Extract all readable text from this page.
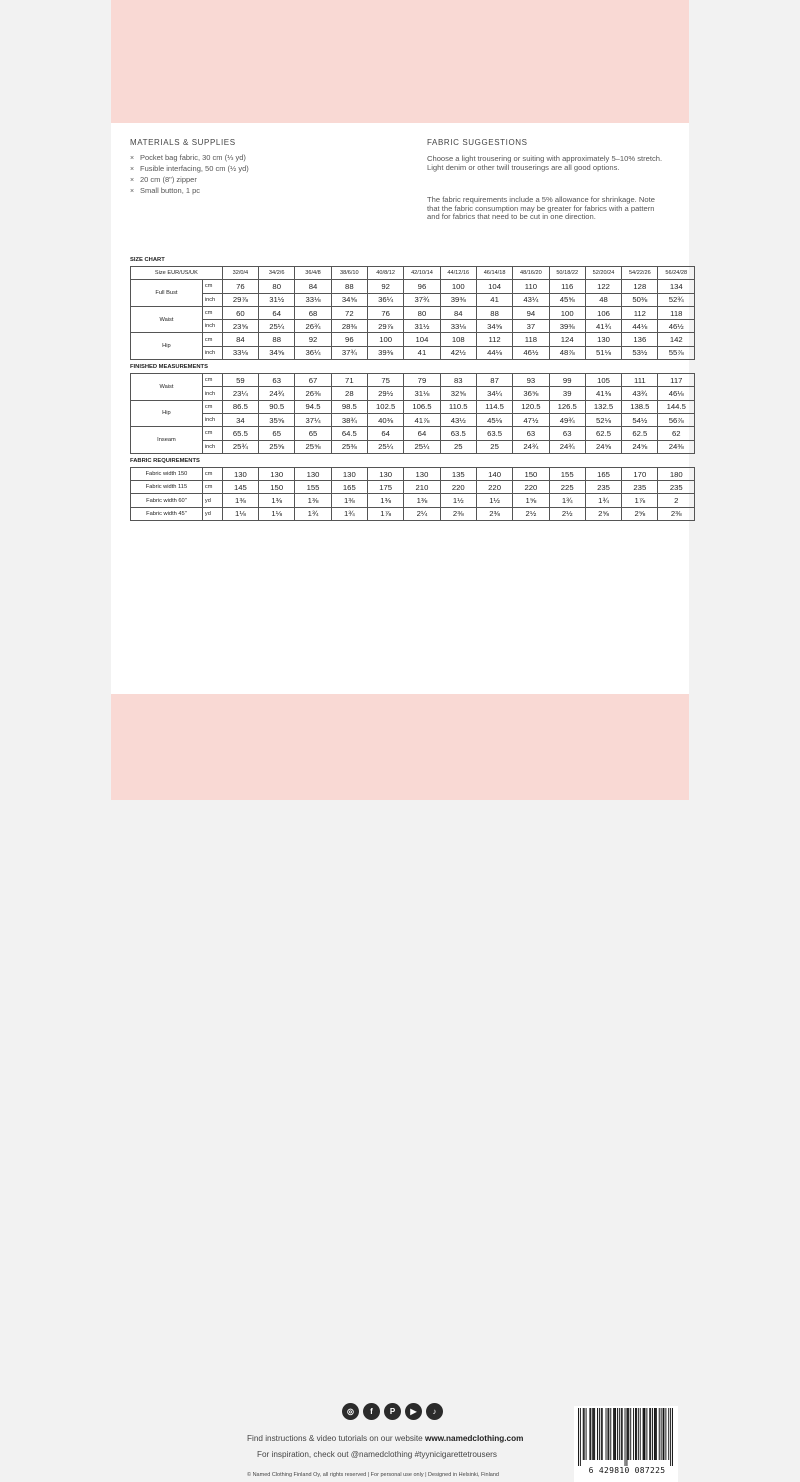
MATERIALS & SUPPLIES
× Pocket bag fabric, 30 cm (⅓ yd)
× Fusible interfacing, 50 cm (½ yd)
× 20 cm (8") zipper
× Small button, 1 pc
FABRIC SUGGESTIONS
Choose a light trousering or suiting with approximately 5–10% stretch. Light denim or other twill trouserings are all good options.
The fabric requirements include a 5% allowance for shrinkage. Note that the fabric consumption may be greater for fabrics with a pattern and for fabrics that need to be cut in one direction.
SIZE CHART
Size EUR/US/UK		32/0/4	34/2/6	36/4/8	38/6/10	40/8/12	42/10/14	44/12/16	46/14/18	48/16/20	50/18/22	52/20/24	54/22/26	56/24/28
Full Bust	cm	76	80	84	88	92	96	100	104	110	116	122	128	134
	inch	29⅞	31½	33⅛	34⅝	36¼	37¾	39⅜	41	43¼	45⅝	48	50⅜	52¾
Waist	cm	60	64	68	72	76	80	84	88	94	100	106	112	118
	inch	23⅝	25¼	26¾	28⅜	29⅞	31½	33⅛	34⅝	37	39⅜	41¾	44⅛	46½
Hip	cm	84	88	92	96	100	104	108	112	118	124	130	136	142
	inch	33⅛	34⅝	36¼	37¾	39⅜	41	42½	44⅛	46½	48⅞	51⅛	53½	55⅞
FINISHED MEASUREMENTS
Waist	cm	59	63	67	71	75	79	83	87	93	99	105	111	117
	inch	23¼	24¾	26⅜	28	29½	31⅛	32⅝	34¼	36⅝	39	41⅜	43¾	46⅛
Hip	cm	86.5	90.5	94.5	98.5	102.5	106.5	110.5	114.5	120.5	126.5	132.5	138.5	144.5
	inch	34	35⅝	37¼	38¾	40⅜	41⅞	43½	45⅛	47½	49¾	52⅛	54½	56⅞
Inseam	cm	65.5	65	65	64.5	64	64	63.5	63.5	63	63	62.5	62.5	62
	inch	25¾	25⅝	25⅝	25⅜	25¼	25¼	25	25	24¾	24¾	24⅝	24⅝	24⅜
FABRIC REQUIREMENTS
Fabric width 150	cm	130	130	130	130	130	130	135	140	150	155	165	170	180
Fabric width 115	cm	145	150	155	165	175	210	220	220	220	225	235	235	235
Fabric width 60"	yd	1⅜	1⅜	1⅜	1⅜	1⅜	1⅜	1½	1½	1⅝	1¾	1¾	1⅞	2
Fabric width 45"	yd	1⅛	1⅛	1¾	1¾	1⅞	2¼	2⅜	2⅜	2½	2½	2⅝	2⅝	2⅜
◎	f	P	▶	♪
Find instructions & video tutorials on our website www.namedclothing.com
For inspiration, check out @namedclothing #tyynicigarettetrousers
© Named Clothing Finland Oy, all rights reserved | For personal use only | Designed in Helsinki, Finland	6 429810 087225
